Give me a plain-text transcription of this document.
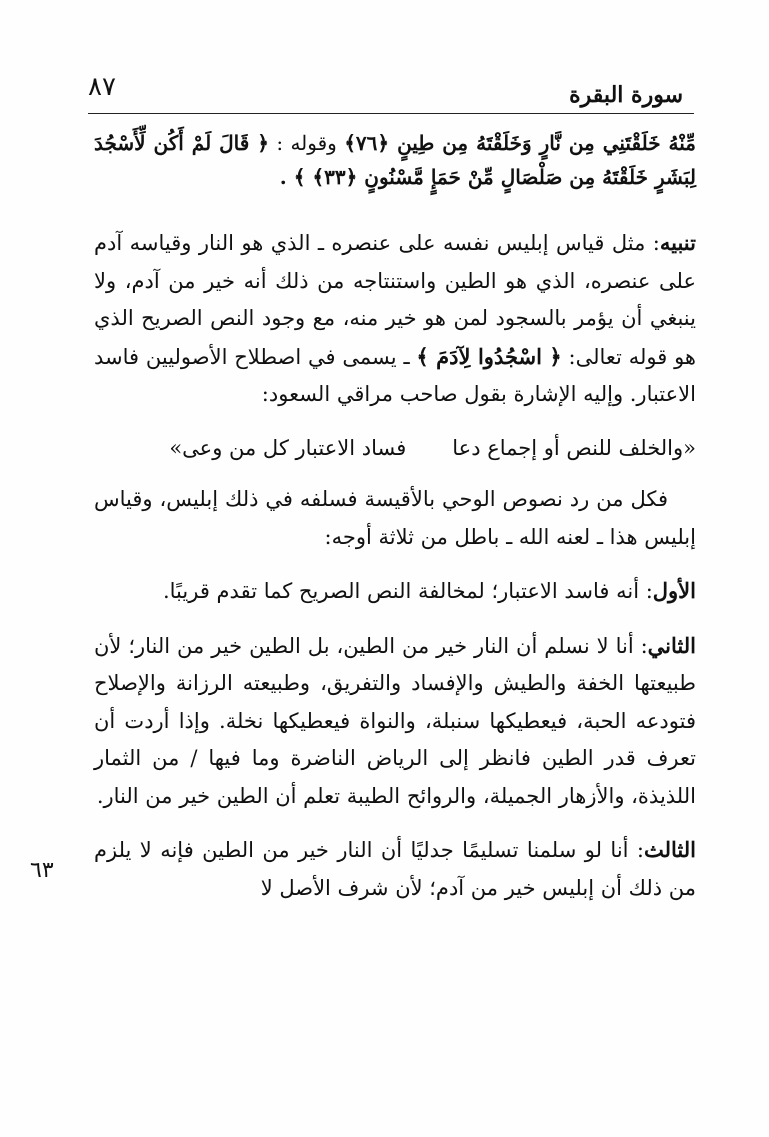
٨٧	سورة البقرة
٦٣

مِّنْهُ خَلَقْتَنِي مِن نَّارٍ وَخَلَقْتَهُ مِن طِينٍ ﴿٧٦﴾ وقوله : ﴿ قَالَ لَمْ أَكُن لِّأَسْجُدَ لِبَشَرٍ خَلَقْتَهُ مِن صَلْصَالٍ مِّنْ حَمَإٍ مَّسْنُونٍ ﴿٣٣﴾ ﴾ .

تنبيه: مثل قياس إبليس نفسه على عنصره ـ الذي هو النار وقياسه آدم على عنصره، الذي هو الطين واستنتاجه من ذلك أنه خير من آدم، ولا ينبغي أن يؤمر بالسجود لمن هو خير منه، مع وجود النص الصريح الذي هو قوله تعالى: ﴿ اسْجُدُوا لِآدَمَ ﴾ ـ يسمى في اصطلاح الأصوليين فاسد الاعتبار. وإليه الإشارة بقول صاحب مراقي السعود:

«والخلف للنص أو إجماع دعافساد الاعتبار كل من وعى»

فكل من رد نصوص الوحي بالأقيسة فسلفه في ذلك إبليس، وقياس إبليس هذا ـ لعنه الله ـ باطل من ثلاثة أوجه:

الأول: أنه فاسد الاعتبار؛ لمخالفة النص الصريح كما تقدم قريبًا.

الثاني: أنا لا نسلم أن النار خير من الطين، بل الطين خير من النار؛ لأن طبيعتها الخفة والطيش والإفساد والتفريق، وطبيعته الرزانة والإصلاح فتودعه الحبة، فيعطيكها سنبلة، والنواة فيعطيكها نخلة. وإذا أردت أن تعرف قدر الطين فانظر إلى الرياض الناضرة وما فيها / من الثمار اللذيذة، والأزهار الجميلة، والروائح الطيبة تعلم أن الطين خير من النار.

الثالث: أنا لو سلمنا تسليمًا جدليًا أن النار خير من الطين فإنه لا يلزم من ذلك أن إبليس خير من آدم؛ لأن شرف الأصل لا
